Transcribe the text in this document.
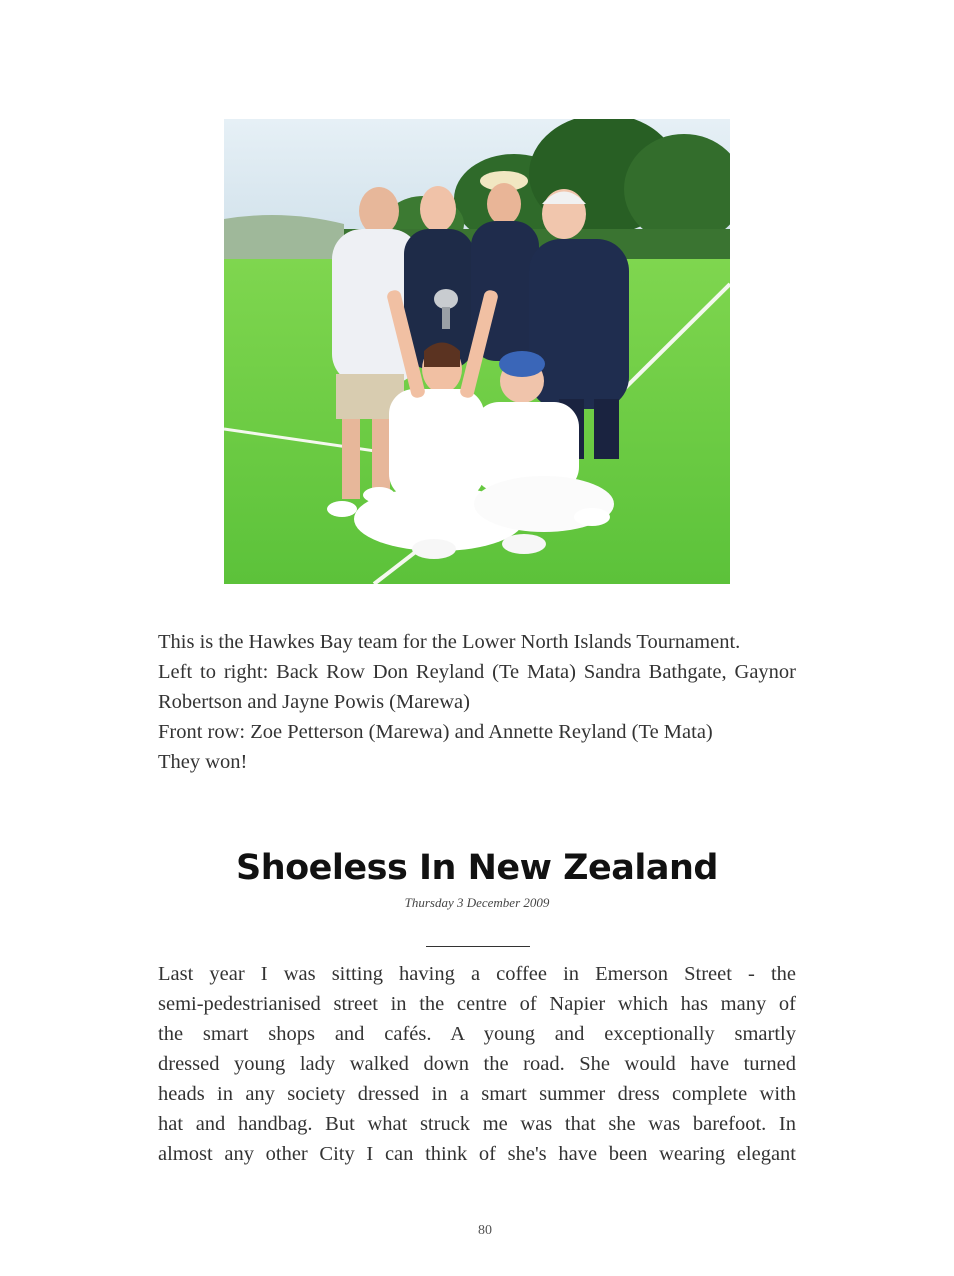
This is the Hawkes Bay team for the Lower North Islands Tournament.

Left to right: Back Row Don Reyland (Te Mata) Sandra Bathgate, Gaynor Robertson and Jayne Powis (Marewa)

Front row: Zoe Petterson (Marewa) and Annette Reyland (Te Mata)

They won!

Shoeless In New Zealand
Thursday 3 December 2009
Last year I was sitting having a coffee in Emerson Street - the
semi-pedestrianised street in the centre of Napier which has many of
the smart shops and cafés. A young and exceptionally smartly
dressed young lady walked down the road. She would have turned
heads in any society dressed in a smart summer dress complete with
hat and handbag. But what struck me was that she was barefoot. In
almost any other City I can think of she's have been wearing elegant
80
